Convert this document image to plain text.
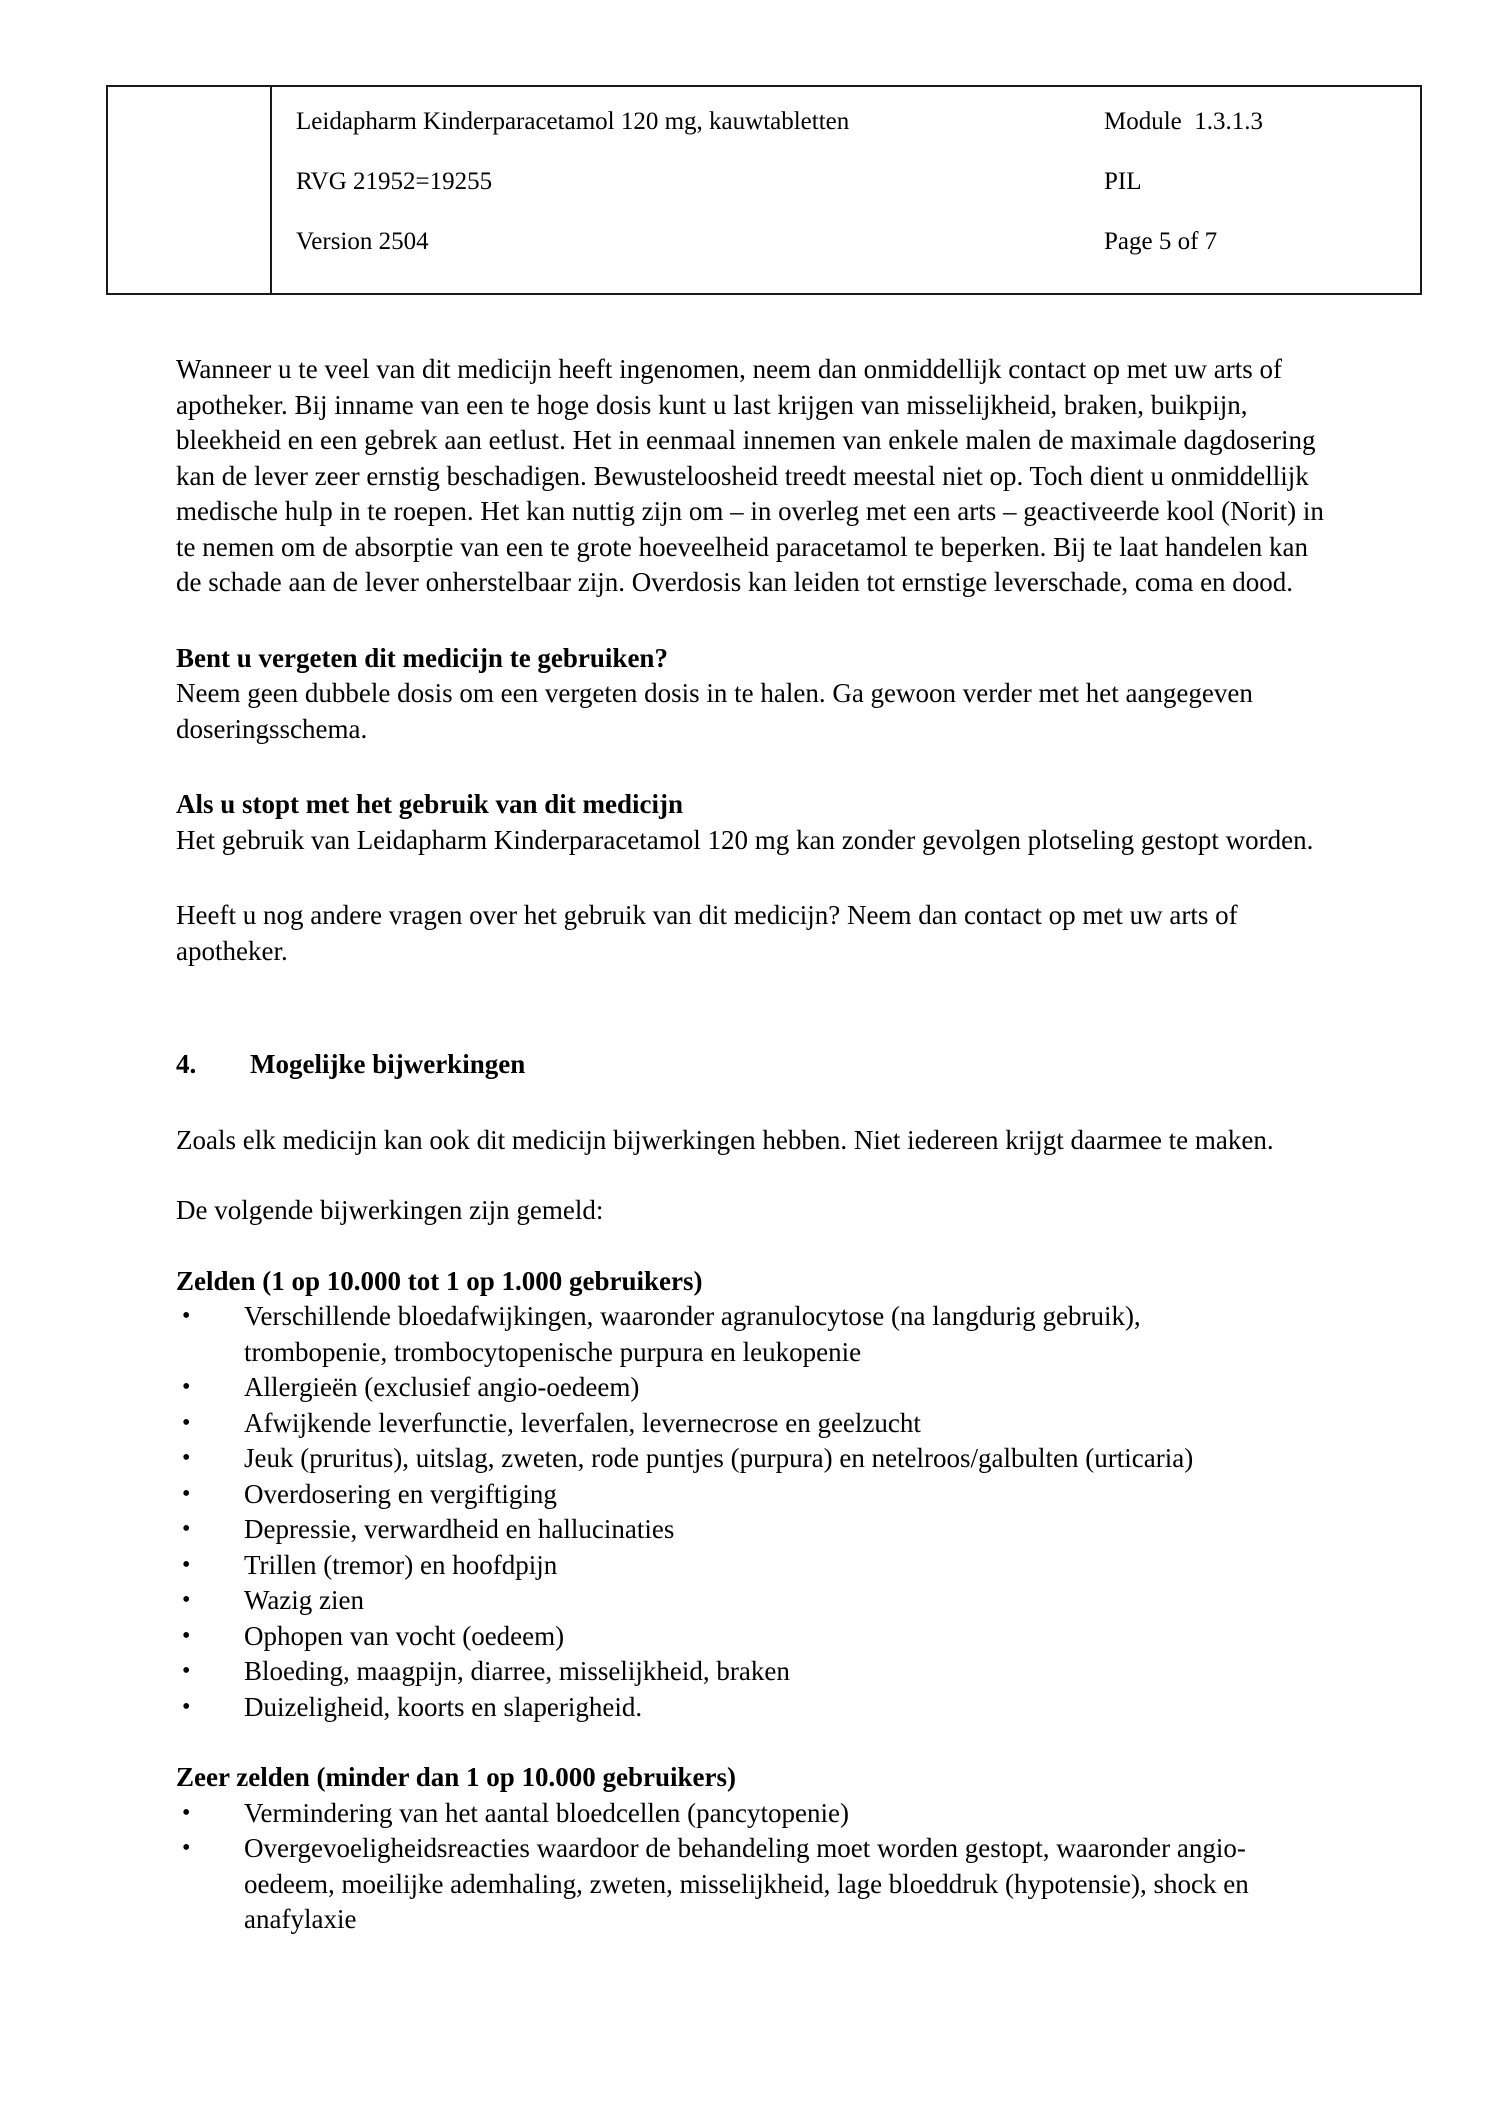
Leidapharm Kinderparacetamol 120 mg, kauwtabletten	Module  1.3.1.3
RVG 21952=19255	PIL
Version 2504	Page 5 of 7

Wanneer u te veel van dit medicijn heeft ingenomen, neem dan onmiddellijk contact op met uw arts of apotheker. Bij inname van een te hoge dosis kunt u last krijgen van misselijkheid, braken, buikpijn, bleekheid en een gebrek aan eetlust. Het in eenmaal innemen van enkele malen de maximale dagdosering kan de lever zeer ernstig beschadigen. Bewusteloosheid treedt meestal niet op. Toch dient u onmiddellijk medische hulp in te roepen. Het kan nuttig zijn om – in overleg met een arts – geactiveerde kool (Norit) in te nemen om de absorptie van een te grote hoeveelheid paracetamol te beperken. Bij te laat handelen kan de schade aan de lever onherstelbaar zijn. Overdosis kan leiden tot ernstige leverschade, coma en dood.

Bent u vergeten dit medicijn te gebruiken?

Neem geen dubbele dosis om een vergeten dosis in te halen. Ga gewoon verder met het aangegeven doseringsschema.

Als u stopt met het gebruik van dit medicijn

Het gebruik van Leidapharm Kinderparacetamol 120 mg kan zonder gevolgen plotseling gestopt worden.

Heeft u nog andere vragen over het gebruik van dit medicijn? Neem dan contact op met uw arts of apotheker.

4.	Mogelijke bijwerkingen

Zoals elk medicijn kan ook dit medicijn bijwerkingen hebben. Niet iedereen krijgt daarmee te maken.

De volgende bijwerkingen zijn gemeld:

Zelden (1 op 10.000 tot 1 op 1.000 gebruikers)
•	Verschillende bloedafwijkingen, waaronder agranulocytose (na langdurig gebruik), trombopenie, trombocytopenische purpura en leukopenie
•	Allergieën (exclusief angio-oedeem)
•	Afwijkende leverfunctie, leverfalen, levernecrose en geelzucht
•	Jeuk (pruritus), uitslag, zweten, rode puntjes (purpura) en netelroos/galbulten (urticaria)
•	Overdosering en vergiftiging
•	Depressie, verwardheid en hallucinaties
•	Trillen (tremor) en hoofdpijn
•	Wazig zien
•	Ophopen van vocht (oedeem)
•	Bloeding, maagpijn, diarree, misselijkheid, braken
•	Duizeligheid, koorts en slaperigheid.
Zeer zelden (minder dan 1 op 10.000 gebruikers)
•	Vermindering van het aantal bloedcellen (pancytopenie)
•	Overgevoeligheidsreacties waardoor de behandeling moet worden gestopt, waaronder angio-oedeem, moeilijke ademhaling, zweten, misselijkheid, lage bloeddruk (hypotensie), shock en anafylaxie
